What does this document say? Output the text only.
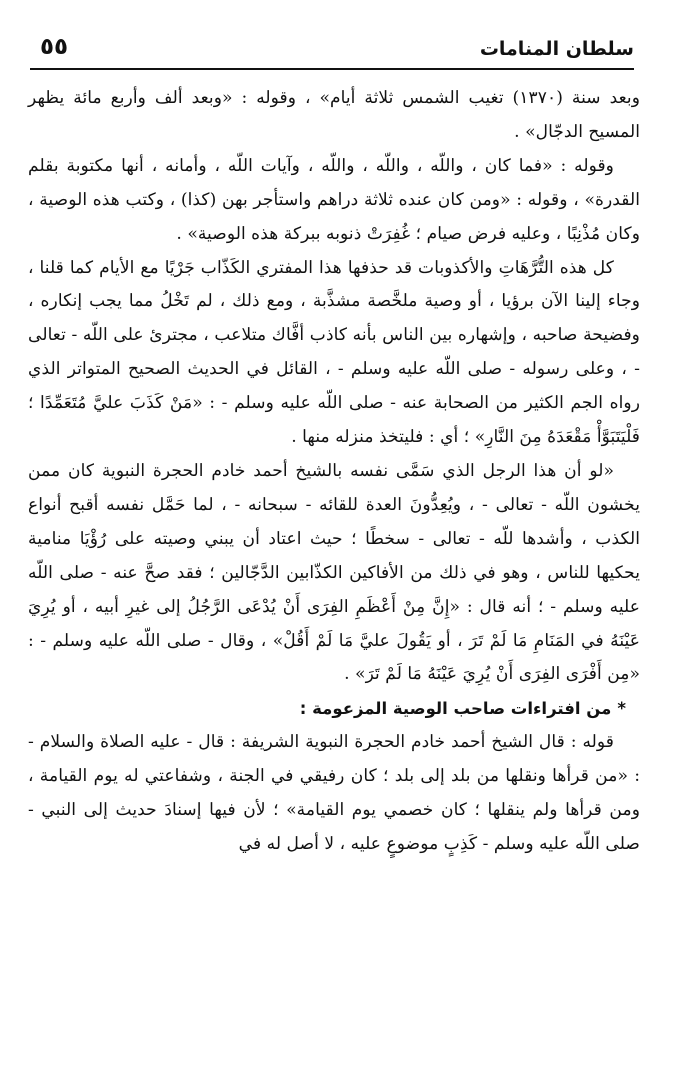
سلطان المنامات
٥٥

وبعد سنة (١٣٧٠) تغيب الشمس ثلاثة أيام» ، وقوله : «وبعد ألف وأربع مائة يظهر المسيح الدجّال» .

وقوله : «فما كان ، واللّه ، واللّه ، واللّه ، وآيات اللّه ، وأمانه ، أنها مكتوبة بقلم القدرة» ، وقوله : «ومن كان عنده ثلاثة دراهم واستأجر بهن (كذا) ، وكتب هذه الوصية ، وكان مُذْنِبًا ، وعليه فرض صيام ؛ غُفِرَتْ ذنوبه ببركة هذه الوصية» .

كل هذه التُّرَّهَاتِ والأكذوبات قد حذفها هذا المفتري الكَذّاب جَرْيًا مع الأيام كما قلنا ، وجاء إلينا الآن برؤيا ، أو وصية ملخَّصة مشذَّبة ، ومع ذلك ، لم تَخْلُ مما يجب إنكاره ، وفضيحة صاحبه ، وإشهاره بين الناس بأنه كاذب أفَّاك متلاعب ، مجترئ على اللّه - تعالى - ، وعلى رسوله - صلى اللّه عليه وسلم - ، القائل في الحديث الصحيح المتواتر الذي رواه الجم الكثير من الصحابة عنه - صلى اللّه عليه وسلم - : «مَنْ كَذَبَ عليَّ مُتَعَمِّدًا ؛ فَلْيَتَبَوَّأْ مَقْعَدَهُ مِنَ النَّارِ» ؛ أي : فليتخذ منزله منها .

«لو أن هذا الرجل الذي سَمَّى نفسه بالشيخ أحمد خادم الحجرة النبوية كان ممن يخشون اللّه - تعالى - ، ويُعِدُّونَ العدة للقائه - سبحانه - ، لما حَمَّل نفسه أقبح أنواع الكذب ، وأشدها للّه - تعالى - سخطًا ؛ حيث اعتاد أن يبني وصيته على رُؤْيَا منامية يحكيها للناس ، وهو في ذلك من الأفاكين الكذّابين الدَّجّالين ؛ فقد صحَّ عنه - صلى اللّه عليه وسلم - ؛ أنه قال : «إِنَّ مِنْ أَعْظَمِ الفِرَى أَنْ يُدْعَى الرَّجُلُ إلى غيرِ أبيه ، أو يُرِيَ عَيْنَهُ في المَنَامِ مَا لَمْ تَرَ ، أو يَقُولَ عليَّ مَا لَمْ أَقُلْ» ، وقال - صلى اللّه عليه وسلم - : «مِن أَفْرَى الفِرَى أَنْ يُرِيَ عَيْنَهُ مَا لَمْ تَرَ» .

*من افتراءات صاحب الوصية المزعومة :

قوله : قال الشيخ أحمد خادم الحجرة النبوية الشريفة : قال - عليه الصلاة والسلام - : «من قرأها ونقلها من بلد إلى بلد ؛ كان رفيقي في الجنة ، وشفاعتي له يوم القيامة ، ومن قرأها ولم ينقلها ؛ كان خصمي يوم القيامة» ؛ لأن فيها إسنادَ حديث إلى النبي - صلى اللّه عليه وسلم - كَذِبٍ موضوعٍ عليه ، لا أصل له في
